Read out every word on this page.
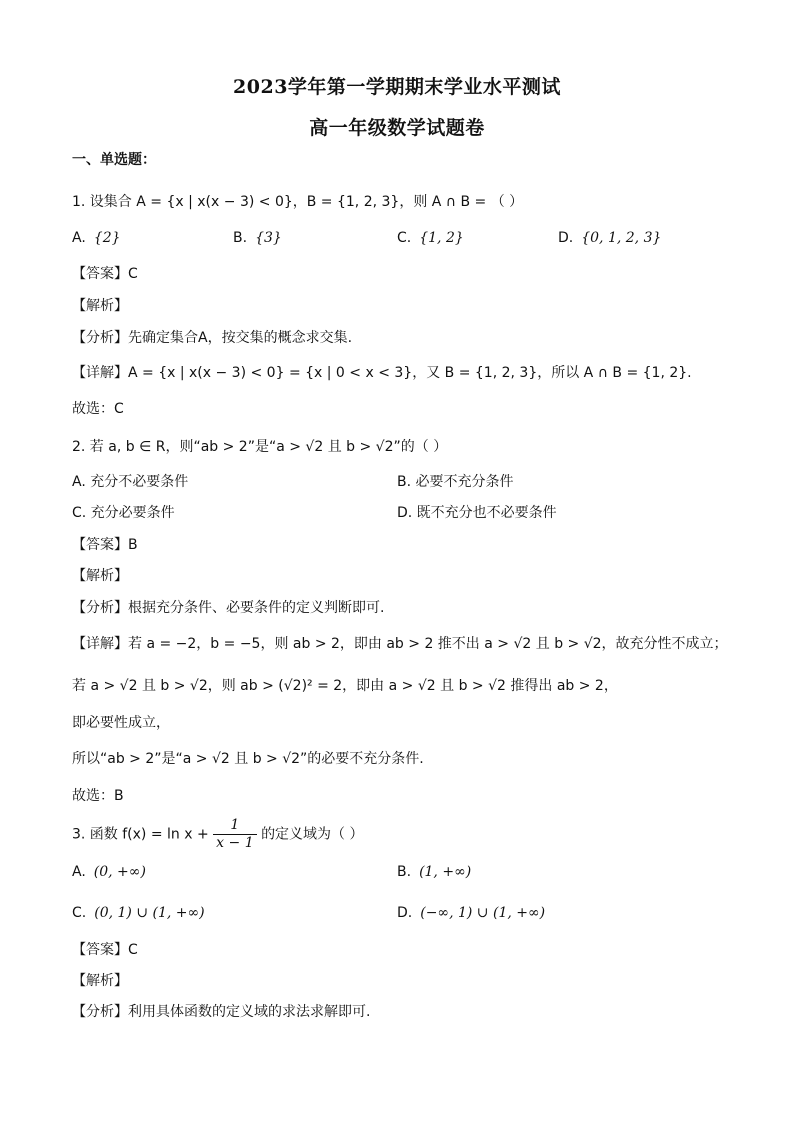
2023学年第一学期期末学业水平测试
高一年级数学试题卷
一、单选题：
1. 设集合 A = {x | x(x − 3) < 0}，B = {1, 2, 3}，则 A ∩ B = （ ）
A. {2}	B. {3}	C. {1, 2}	D. {0, 1, 2, 3}
【答案】C
【解析】
【分析】先确定集合A，按交集的概念求交集.
【详解】A = {x | x(x − 3) < 0} = {x | 0 < x < 3}，又 B = {1, 2, 3}，所以 A ∩ B = {1, 2}.
故选：C
2. 若 a, b ∈ R，则“ab > 2”是“a > √2 且 b > √2”的（ ）
A. 充分不必要条件	B. 必要不充分条件
C. 充分必要条件	D. 既不充分也不必要条件
【答案】B
【解析】
【分析】根据充分条件、必要条件的定义判断即可.
【详解】若 a = −2，b = −5，则 ab > 2，即由 ab > 2 推不出 a > √2 且 b > √2，故充分性不成立；
若 a > √2 且 b > √2，则 ab > (√2)² = 2，即由 a > √2 且 b > √2 推得出 ab > 2，
即必要性成立，
所以“ab > 2”是“a > √2 且 b > √2”的必要不充分条件.
故选：B
3. 函数 $f(x) = \ln x + \frac{1}{x - 1}$ 的定义域为（ ）
A. (0, +∞)	B. (1, +∞)
C. (0, 1) ∪ (1, +∞)	D. (−∞, 1) ∪ (1, +∞)
【答案】C
【解析】
【分析】利用具体函数的定义域的求法求解即可.
